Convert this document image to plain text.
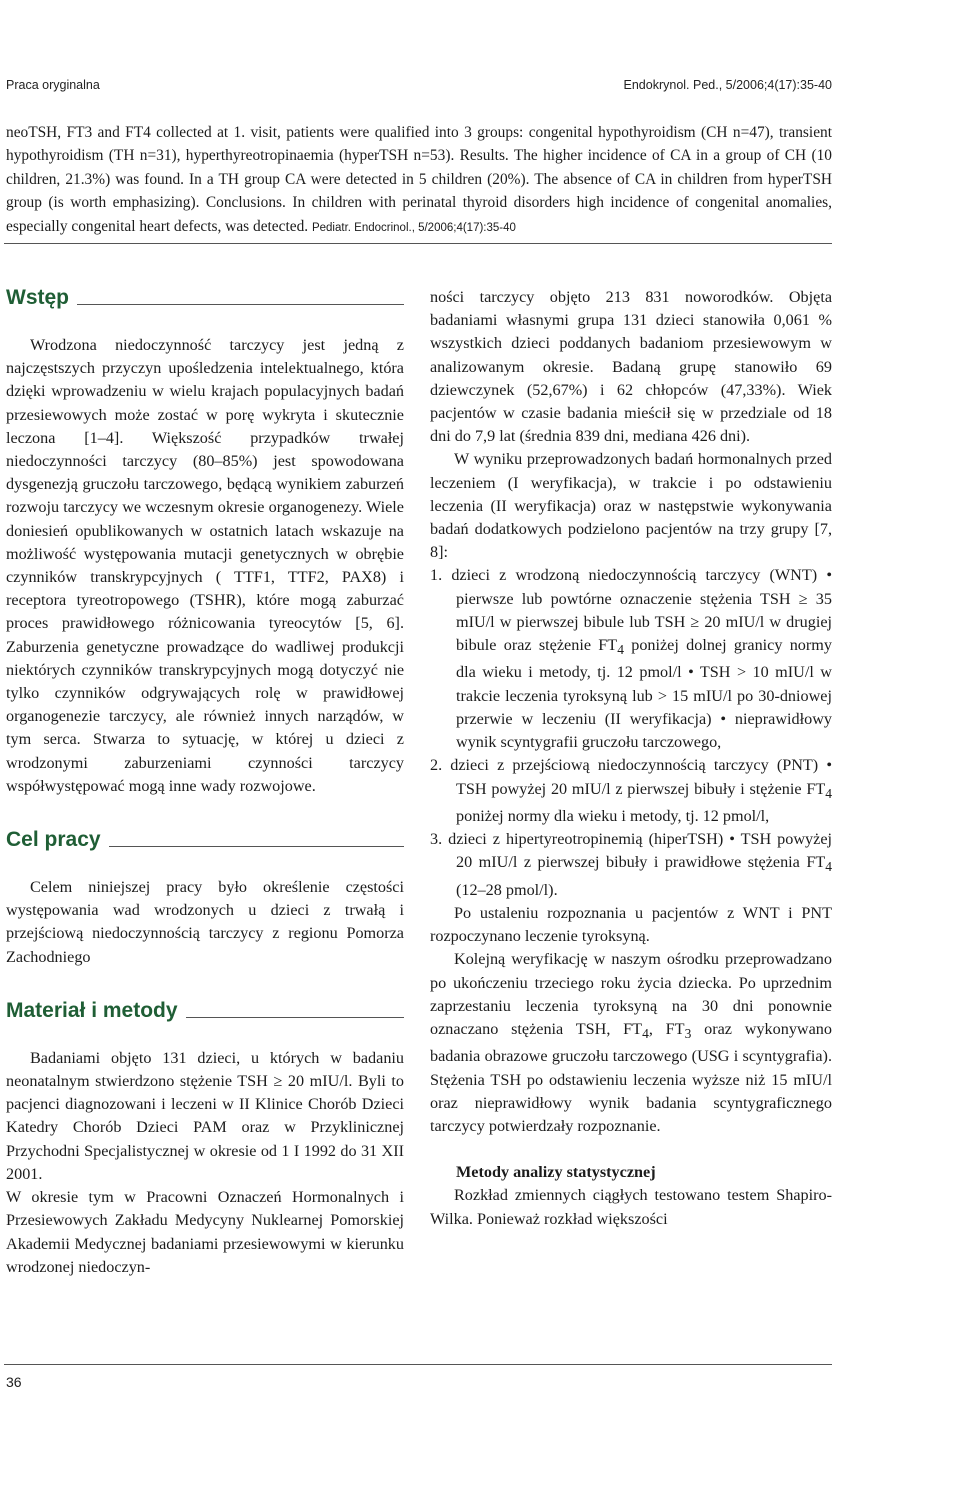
Praca oryginalna	Endokrynol. Ped., 5/2006;4(17):35-40
neoTSH, FT3 and FT4 collected at 1. visit, patients were qualified into 3 groups: congenital hypothyroidism (CH n=47), transient hypothyroidism (TH n=31), hyperthyreotropinaemia (hyperTSH n=53). Results. The higher incidence of CA in a group of CH (10 children, 21.3%) was found. In a TH group CA were detected in 5 children (20%). The absence of CA in children from hyperTSH group (is worth emphasizing). Conclusions. In children with perinatal thyroid disorders high incidence of congenital anomalies, especially congenital heart defects, was detected. Pediatr. Endocrinol., 5/2006;4(17):35-40
Wstęp

Wrodzona niedoczynność tarczycy jest jedną z najczęstszych przyczyn upośledzenia intelektualnego, która dzięki wprowadzeniu w wielu krajach populacyjnych badań przesiewowych może zostać w porę wykryta i skutecznie leczona [1–4]. Większość przypadków trwałej niedoczynności tarczycy (80–85%) jest spowodowana dysgenezją gruczołu tarczowego, będącą wynikiem zaburzeń rozwoju tarczycy we wczesnym okresie organogenezy. Wiele doniesień opublikowanych w ostatnich latach wskazuje na możliwość występowania mutacji genetycznych w obrębie czynników transkrypcyjnych ( TTF1, TTF2, PAX8) i receptora tyreotropowego (TSHR), które mogą zaburzać proces prawidłowego różnicowania tyreocytów [5, 6]. Zaburzenia genetyczne prowadzące do wadliwej produkcji niektórych czynników transkrypcyjnych mogą dotyczyć nie tylko czynników odgrywających rolę w prawidłowej organogenezie tarczycy, ale również innych narządów, w tym serca. Stwarza to sytuację, w której u dzieci z wrodzonymi zaburzeniami czynności tarczycy współwystępować mogą inne wady rozwojowe.

Cel pracy

Celem niniejszej pracy było określenie częstości występowania wad wrodzonych u dzieci z trwałą i przejściową niedoczynnością tarczycy z regionu Pomorza Zachodniego

Materiał i metody

Badaniami objęto 131 dzieci, u których w badaniu neonatalnym stwierdzono stężenie TSH ≥ 20 mIU/l. Byli to pacjenci diagnozowani i leczeni w II Klinice Chorób Dzieci Katedry Chorób Dzieci PAM oraz w Przyklinicznej Przychodni Specjalistycznej w okresie od 1 I 1992 do 31 XII 2001.

W okresie tym w Pracowni Oznaczeń Hormonalnych i Przesiewowych Zakładu Medycyny Nuklearnej Pomorskiej Akademii Medycznej badaniami przesiewowymi w kierunku wrodzonej niedoczyn-

ności tarczycy objęto 213 831 noworodków. Objęta badaniami własnymi grupa 131 dzieci stanowiła 0,061 % wszystkich dzieci poddanych badaniom przesiewowym w analizowanym okresie. Badaną grupę stanowiło 69 dziewczynek (52,67%) i 62 chłopców (47,33%). Wiek pacjentów w czasie badania mieścił się w przedziale od 18 dni do 7,9 lat (średnia 839 dni, mediana 426 dni).

W wyniku przeprowadzonych badań hormonalnych przed leczeniem (I weryfikacja), w trakcie i po odstawieniu leczenia (II weryfikacja) oraz w następstwie wykonywania badań dodatkowych podzielono pacjentów na trzy grupy [7, 8]:

1. dzieci z wrodzoną niedoczynnością tarczycy (WNT) • pierwsze lub powtórne oznaczenie stężenia TSH ≥ 35 mIU/l w pierwszej bibule lub TSH ≥ 20 mIU/l w drugiej bibule oraz stężenie $FT_4$ poniżej dolnej granicy normy dla wieku i metody, tj. 12 pmol/l • TSH > 10 mIU/l w trakcie leczenia tyroksyną lub > 15 mIU/l po 30-dniowej przerwie w leczeniu (II weryfikacja) • nieprawidłowy wynik scyntygrafii gruczołu tarczowego,
2. dzieci z przejściową niedoczynnością tarczycy (PNT) • TSH powyżej 20 mIU/l z pierwszej bibuły i stężenie $FT_4$ poniżej normy dla wieku i metody, tj. 12 pmol/l,
3. dzieci z hipertyreotropinemią (hiperTSH) • TSH powyżej 20 mIU/l z pierwszej bibuły i prawidłowe stężenia $FT_4$ (12–28 pmol/l).

Po ustaleniu rozpoznania u pacjentów z WNT i PNT rozpoczynano leczenie tyroksyną.

Kolejną weryfikację w naszym ośrodku przeprowadzano po ukończeniu trzeciego roku życia dziecka. Po uprzednim zaprzestaniu leczenia tyroksyną na 30 dni ponownie oznaczano stężenia TSH, $FT_4$, $FT_3$ oraz wykonywano badania obrazowe gruczołu tarczowego (USG i scyntygrafia). Stężenia TSH po odstawieniu leczenia wyższe niż 15 mIU/l oraz nieprawidłowy wynik badania scyntygraficznego tarczycy potwierdzały rozpoznanie.

Metody analizy statystycznej

Rozkład zmiennych ciągłych testowano testem Shapiro-Wilka. Ponieważ rozkład większości

36
